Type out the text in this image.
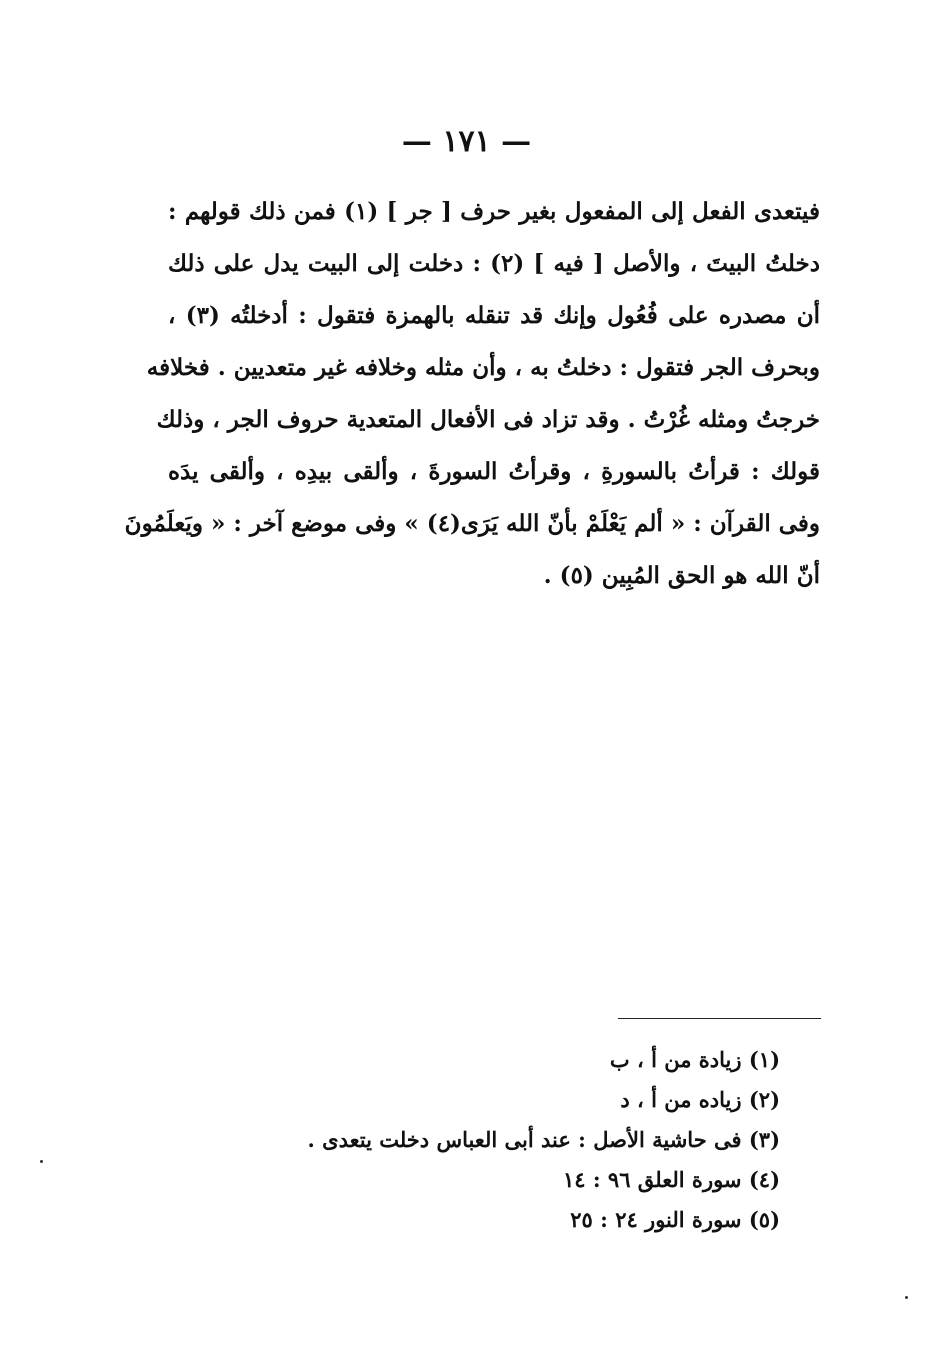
— ١٧١ —
فيتعدى الفعل إلى المفعول بغير حرف [ جر ] (١) فمن ذلك قولهم :
دخلتُ البيتَ ، والأصل [ فيه ] (٢) : دخلت إلى البيت يدل على ذلك
أن مصدره على فُعُول وإنك قد تنقله بالهمزة فتقول : أدخلتُه (٣) ،
وبحرف الجر فتقول : دخلتُ به ، وأن مثله وخلافه غير متعديين . فخلافه
خرجتُ ومثله غُرْتُ . وقد تزاد فى الأفعال المتعدية حروف الجر ، وذلك
قولك : قرأتُ بالسورةِ ، وقرأتُ السورةَ ، وألقى بيدِه ، وألقى يدَه
وفى القرآن : « ألم يَعْلَمْ بأنّ الله يَرَى(٤) » وفى موضع آخر : « ويَعلَمُونَ
أنّ الله هو الحق المُبِين (٥) .
(١) زيادة من أ ، ب
(٢) زياده من أ ، د
(٣) فى حاشية الأصل : عند أبى العباس دخلت يتعدى .
(٤) سورة العلق ٩٦ : ١٤
(٥) سورة النور ٢٤ : ٢٥
